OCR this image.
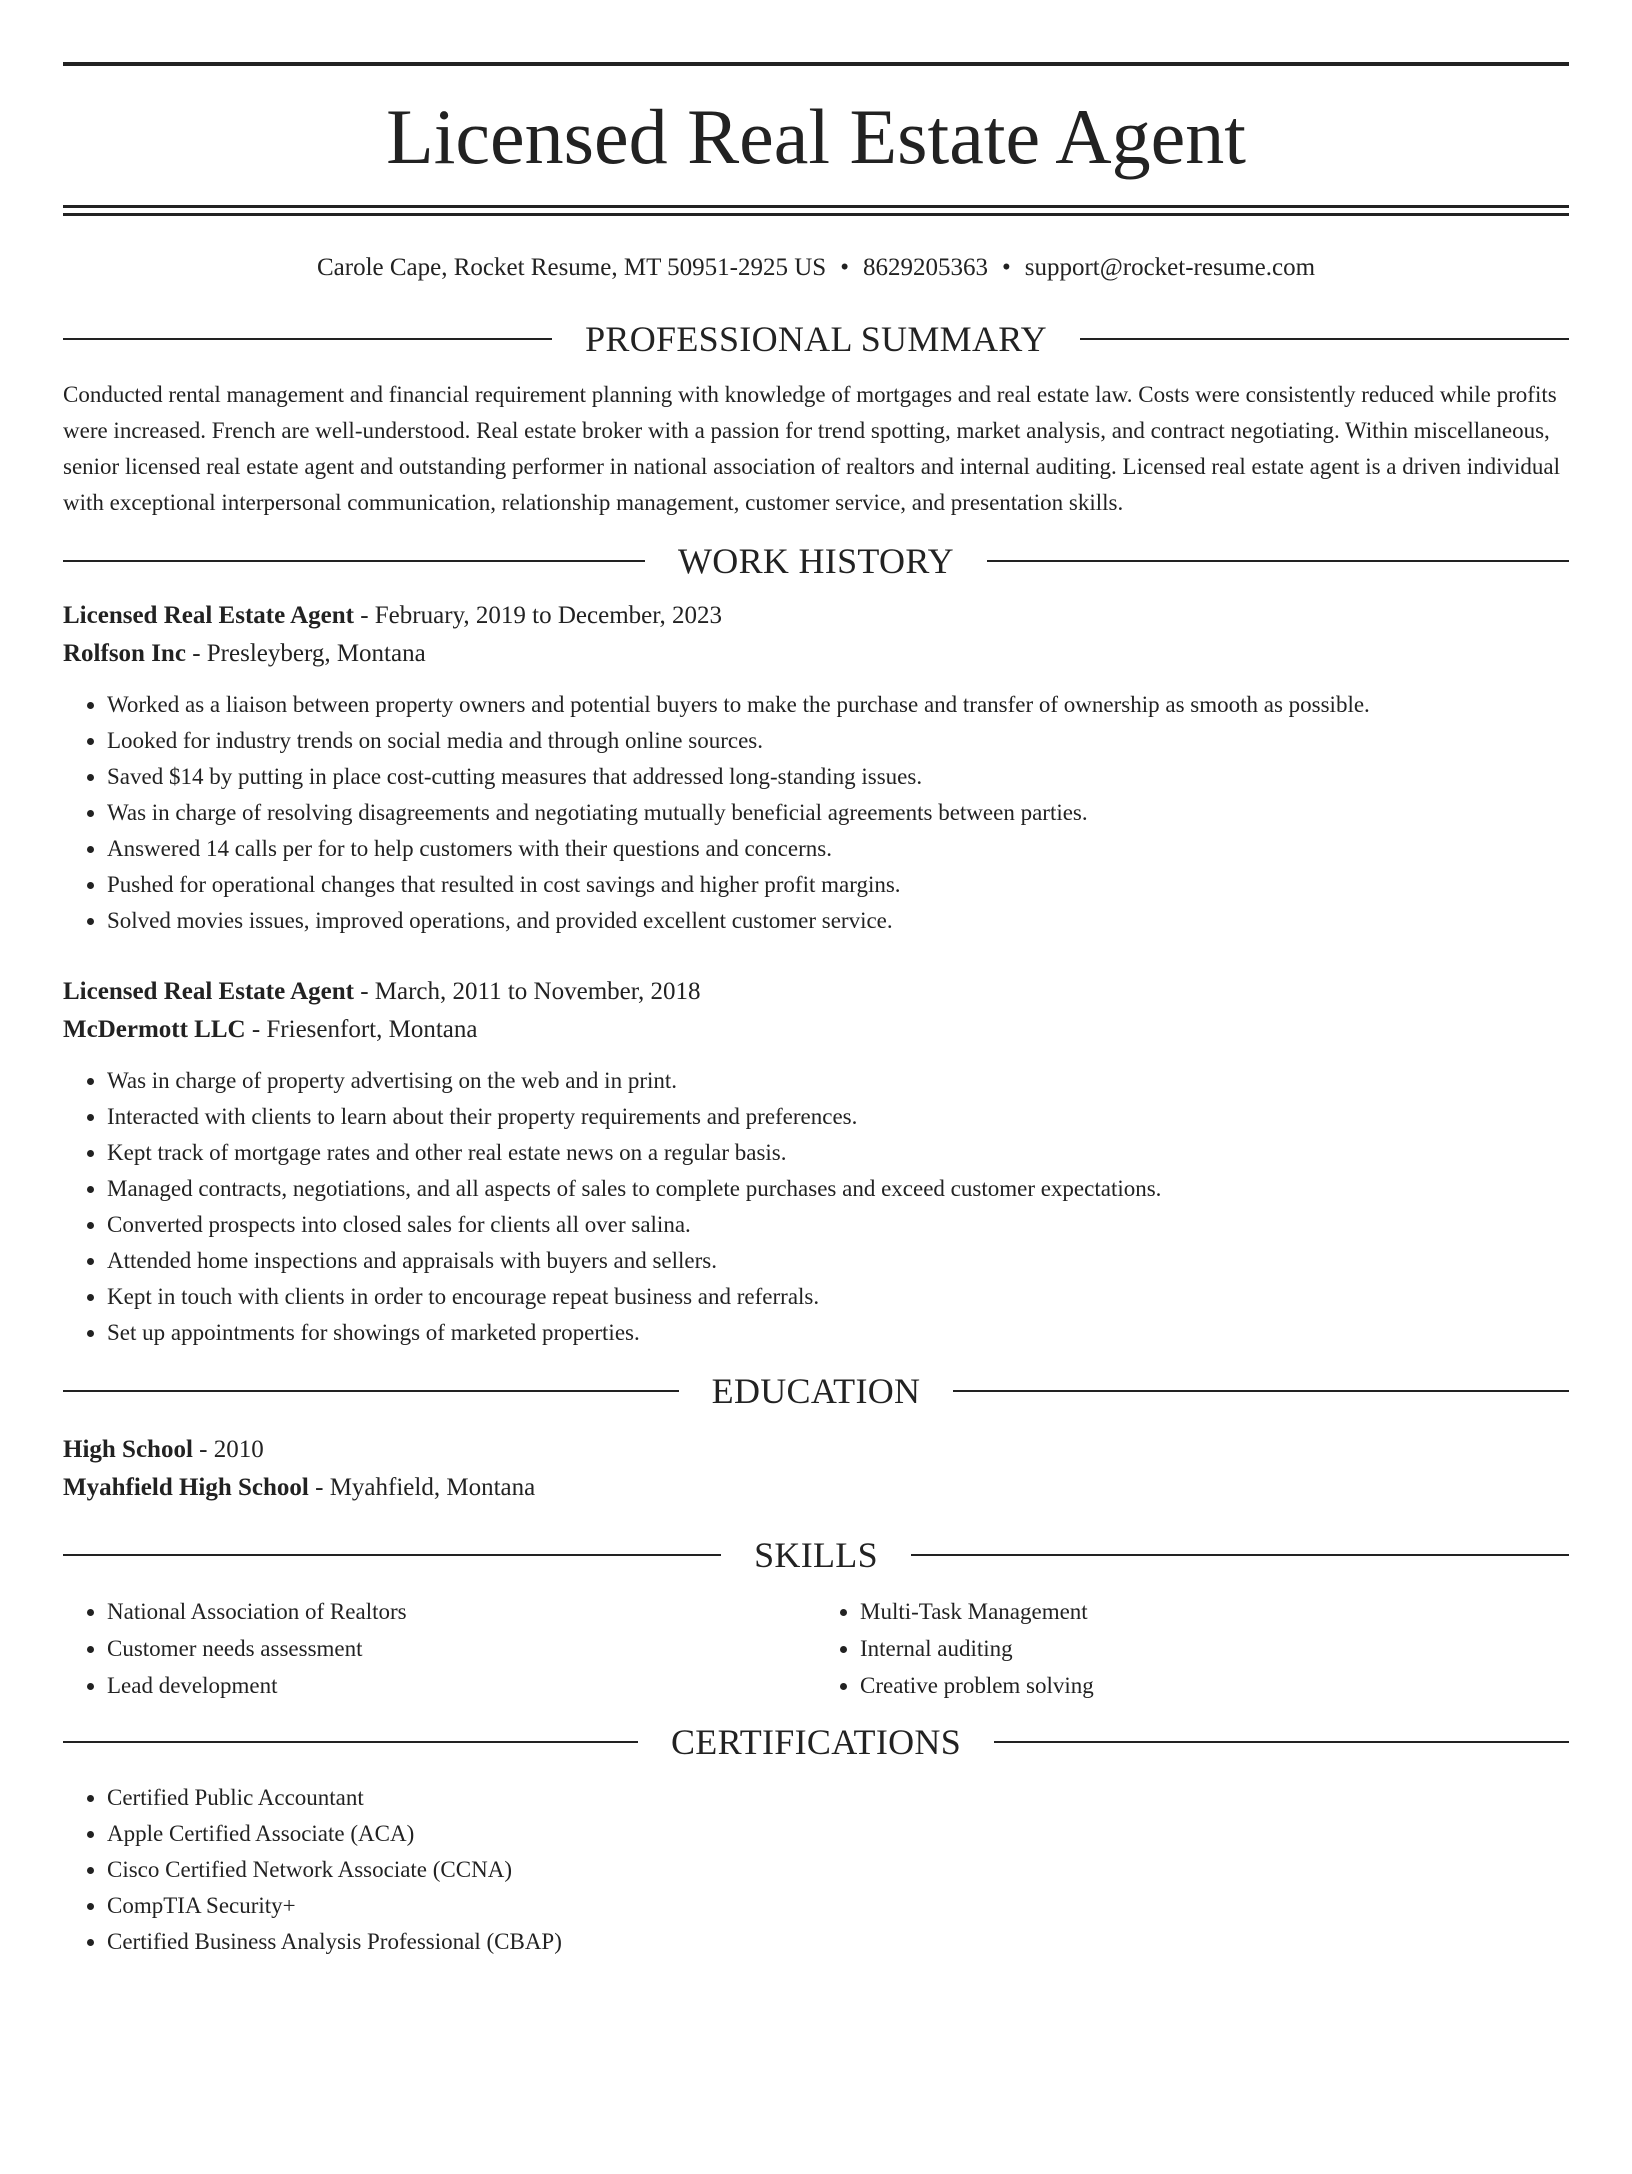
Licensed Real Estate Agent
Carole Cape, Rocket Resume, MT 50951-2925 US • 8629205363 • support@rocket-resume.com
PROFESSIONAL SUMMARY

Conducted rental management and financial requirement planning with knowledge of mortgages and real estate law. Costs were consistently reduced while profits were increased. French are well-understood. Real estate broker with a passion for trend spotting, market analysis, and contract negotiating. Within miscellaneous, senior licensed real estate agent and outstanding performer in national association of realtors and internal auditing. Licensed real estate agent is a driven individual with exceptional interpersonal communication, relationship management, customer service, and presentation skills.

WORK HISTORY
Licensed Real Estate Agent - February, 2019 to December, 2023
Rolfson Inc - Presleyberg, Montana
• Worked as a liaison between property owners and potential buyers to make the purchase and transfer of ownership as smooth as possible.
• Looked for industry trends on social media and through online sources.
• Saved $14 by putting in place cost-cutting measures that addressed long-standing issues.
• Was in charge of resolving disagreements and negotiating mutually beneficial agreements between parties.
• Answered 14 calls per for to help customers with their questions and concerns.
• Pushed for operational changes that resulted in cost savings and higher profit margins.
• Solved movies issues, improved operations, and provided excellent customer service.
Licensed Real Estate Agent - March, 2011 to November, 2018
McDermott LLC - Friesenfort, Montana
• Was in charge of property advertising on the web and in print.
• Interacted with clients to learn about their property requirements and preferences.
• Kept track of mortgage rates and other real estate news on a regular basis.
• Managed contracts, negotiations, and all aspects of sales to complete purchases and exceed customer expectations.
• Converted prospects into closed sales for clients all over salina.
• Attended home inspections and appraisals with buyers and sellers.
• Kept in touch with clients in order to encourage repeat business and referrals.
• Set up appointments for showings of marketed properties.
EDUCATION
High School - 2010
Myahfield High School - Myahfield, Montana
SKILLS
• National Association of Realtors
• Customer needs assessment
• Lead development
• Multi-Task Management
• Internal auditing
• Creative problem solving
CERTIFICATIONS
• Certified Public Accountant
• Apple Certified Associate (ACA)
• Cisco Certified Network Associate (CCNA)
• CompTIA Security+
• Certified Business Analysis Professional (CBAP)
